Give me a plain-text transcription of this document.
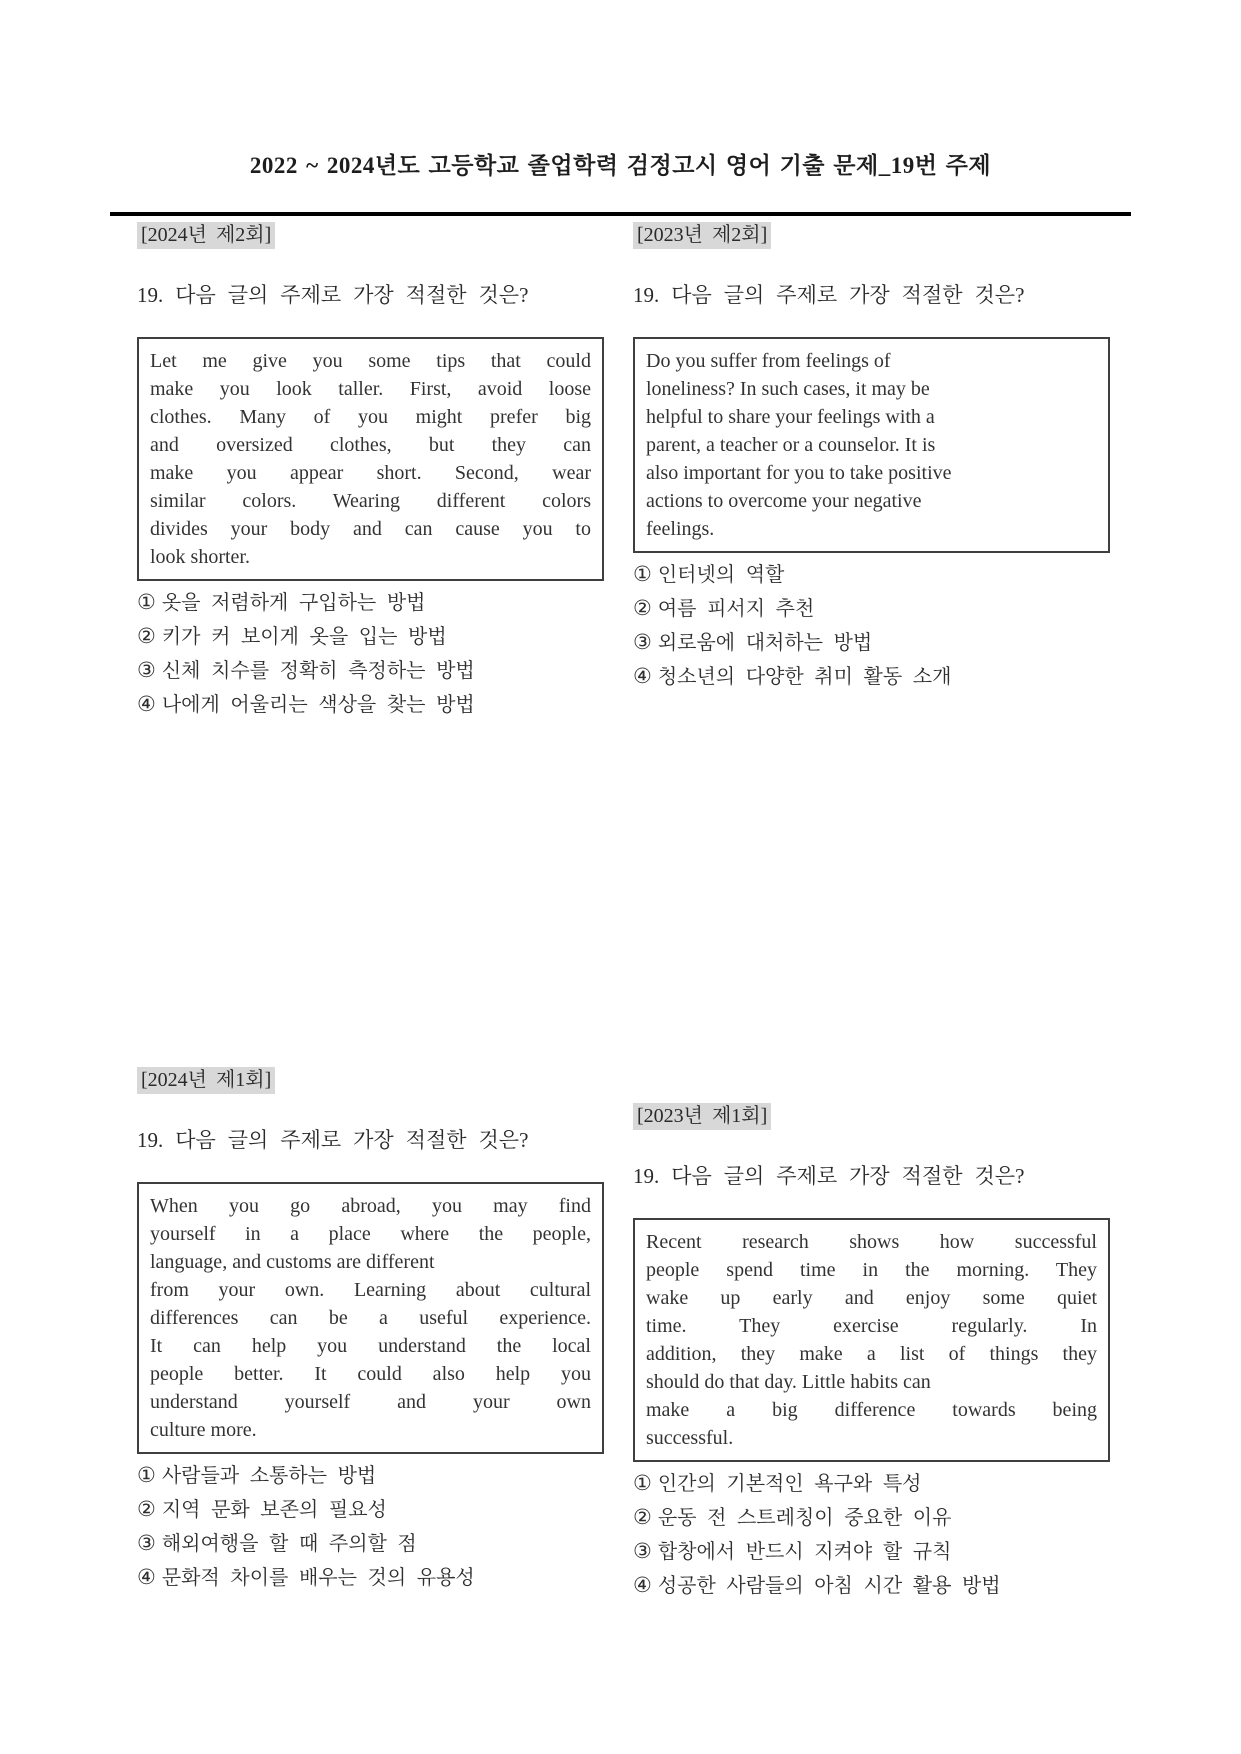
2022 ~ 2024년도 고등학교 졸업학력 검정고시 영어 기출 문제_19번 주제
[2024년 제2회]
19. 다음 글의 주제로 가장 적절한 것은?
Let me give you some tips that could
make you look taller. First, avoid loose
clothes. Many of you might prefer big
and oversized clothes, but they can
make you appear short. Second, wear
similar colors. Wearing different colors
divides your body and can cause you to
look shorter.
① 옷을 저렴하게 구입하는 방법
② 키가 커 보이게 옷을 입는 방법
③ 신체 치수를 정확히 측정하는 방법
④ 나에게 어울리는 색상을 찾는 방법
[2023년 제2회]
19. 다음 글의 주제로 가장 적절한 것은?
Do you suffer from feelings of
loneliness? In such cases, it may be
helpful to share your feelings with a
parent, a teacher or a counselor. It is
also important for you to take positive
actions to overcome your negative
feelings.
① 인터넷의 역할
② 여름 피서지 추천
③ 외로움에 대처하는 방법
④ 청소년의 다양한 취미 활동 소개
[2024년 제1회]
19. 다음 글의 주제로 가장 적절한 것은?
When you go abroad, you may find
yourself in a place where the people,
language, and customs are different
from your own. Learning about cultural
differences can be a useful experience.
It can help you understand the local
people better. It could also help you
understand yourself and your own
culture more.
① 사람들과 소통하는 방법
② 지역 문화 보존의 필요성
③ 해외여행을 할 때 주의할 점
④ 문화적 차이를 배우는 것의 유용성
[2023년 제1회]
19. 다음 글의 주제로 가장 적절한 것은?
Recent research shows how successful
people spend time in the morning. They
wake up early and enjoy some quiet
time. They exercise regularly. In
addition, they make a list of things they
should do that day. Little habits can
make a big difference towards being
successful.
① 인간의 기본적인 욕구와 특성
② 운동 전 스트레칭이 중요한 이유
③ 합창에서 반드시 지켜야 할 규칙
④ 성공한 사람들의 아침 시간 활용 방법
